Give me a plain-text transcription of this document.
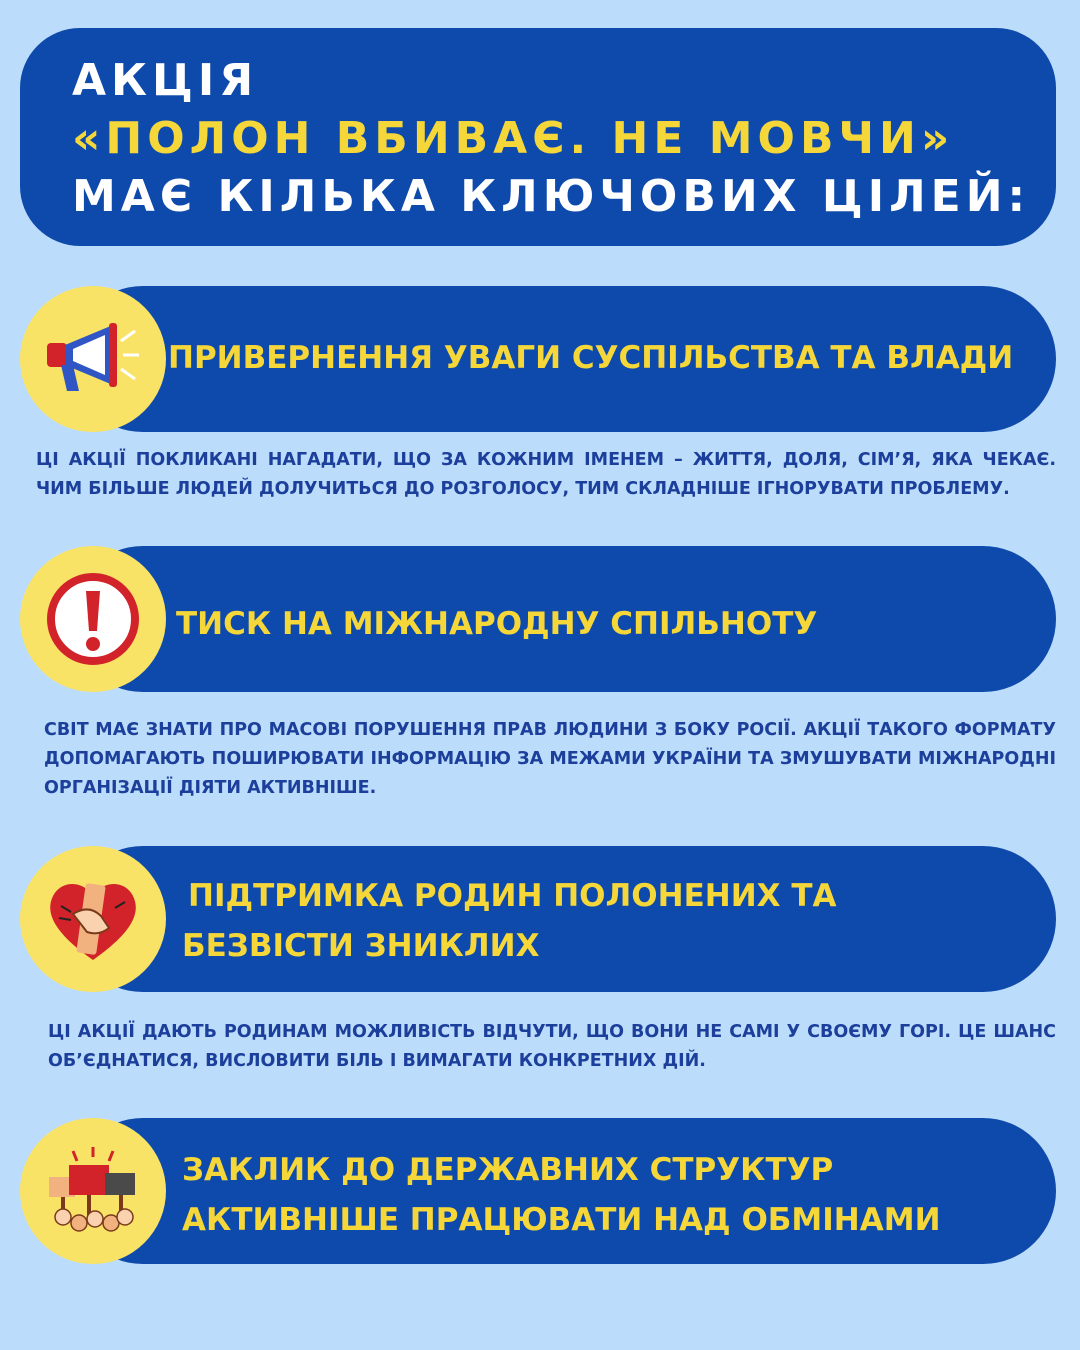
АКЦІЯ
«ПОЛОН ВБИВАЄ. НЕ МОВЧИ»
МАЄ КІЛЬКА КЛЮЧОВИХ ЦІЛЕЙ:
ПРИВЕРНЕННЯ УВАГИ СУСПІЛЬСТВА ТА ВЛАДИ
ЦІ АКЦІЇ ПОКЛИКАНІ НАГАДАТИ, ЩО ЗА КОЖНИМ ІМЕНЕМ – ЖИТТЯ, ДОЛЯ, СІМ’Я, ЯКА ЧЕКАЄ. ЧИМ БІЛЬШЕ ЛЮДЕЙ ДОЛУЧИТЬСЯ ДО РОЗГОЛОСУ, ТИМ СКЛАДНІШЕ ІГНОРУВАТИ ПРОБЛЕМУ.
ТИСК НА МІЖНАРОДНУ СПІЛЬНОТУ
СВІТ МАЄ ЗНАТИ ПРО МАСОВІ ПОРУШЕННЯ ПРАВ ЛЮДИНИ З БОКУ РОСІЇ. АКЦІЇ ТАКОГО ФОРМАТУ ДОПОМАГАЮТЬ ПОШИРЮВАТИ ІНФОРМАЦІЮ ЗА МЕЖАМИ УКРАЇНИ ТА ЗМУШУВАТИ МІЖНАРОДНІ ОРГАНІЗАЦІЇ ДІЯТИ АКТИВНІШЕ.
ПІДТРИМКА РОДИН ПОЛОНЕНИХ ТА
БЕЗВІСТИ ЗНИКЛИХ
ЦІ АКЦІЇ ДАЮТЬ РОДИНАМ МОЖЛИВІСТЬ ВІДЧУТИ, ЩО ВОНИ НЕ САМІ У СВОЄМУ ГОРІ. ЦЕ ШАНС ОБ’ЄДНАТИСЯ, ВИСЛОВИТИ БІЛЬ І ВИМАГАТИ КОНКРЕТНИХ ДІЙ.
ЗАКЛИК ДО ДЕРЖАВНИХ СТРУКТУР
АКТИВНІШЕ ПРАЦЮВАТИ НАД ОБМІНАМИ
